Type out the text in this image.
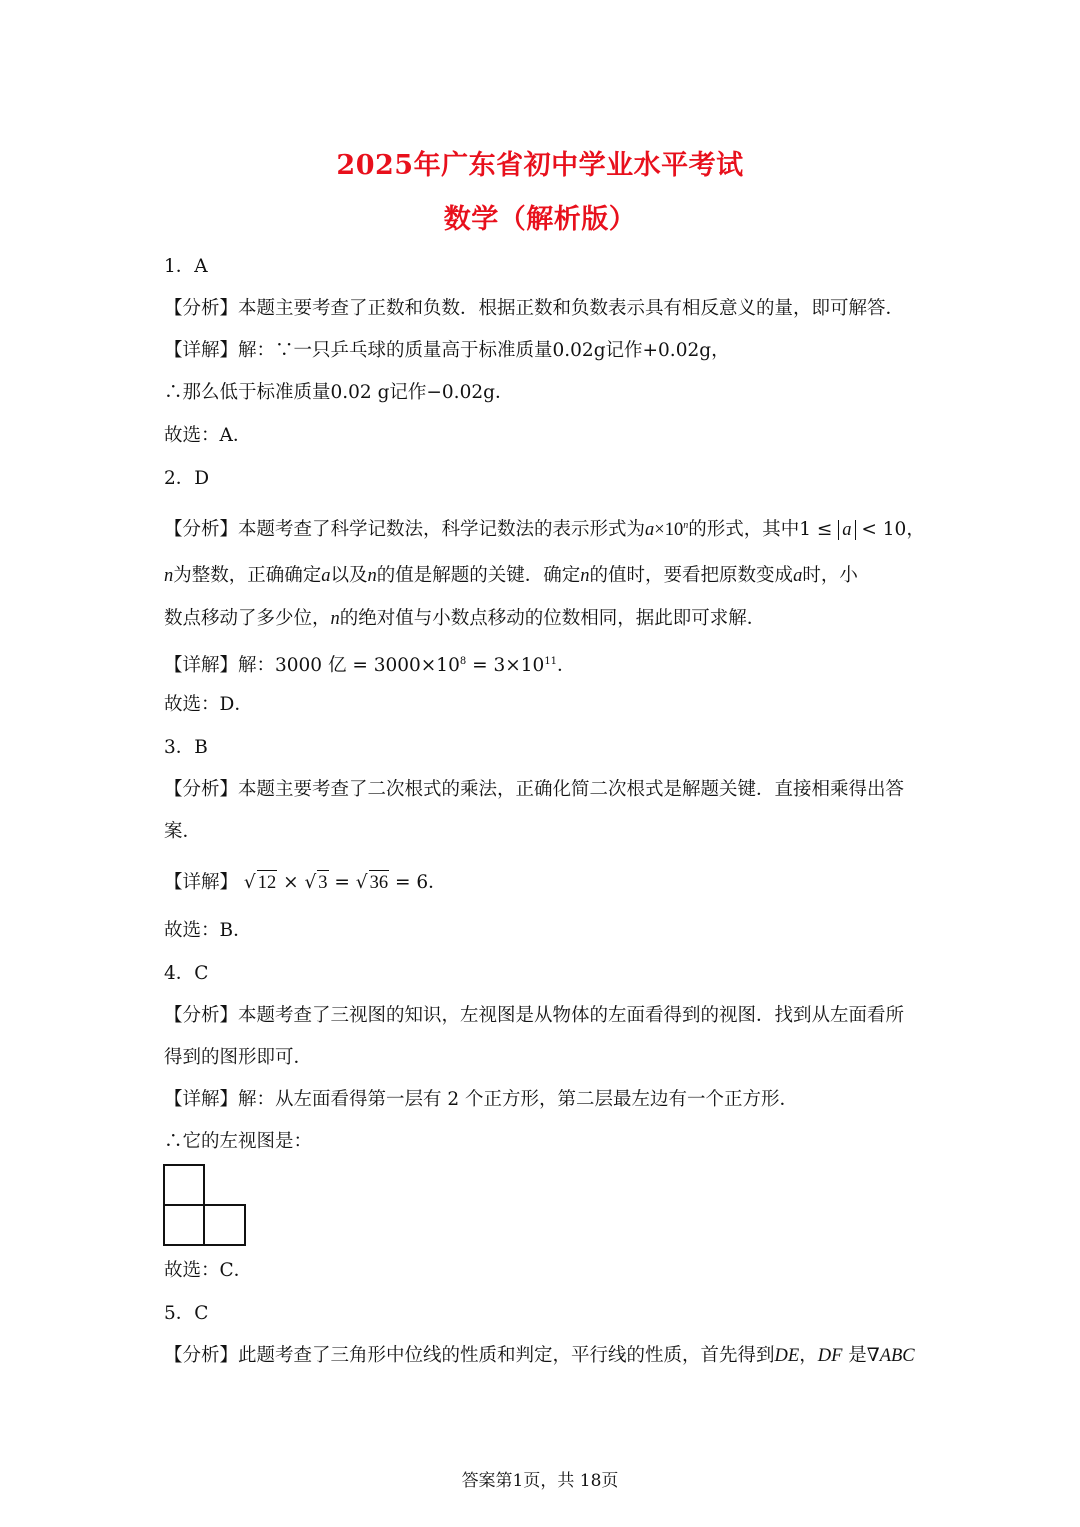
2025年广东省初中学业水平考试
数学（解析版）
1．A
【分析】本题主要考查了正数和负数．根据正数和负数表示具有相反意义的量，即可解答．
【详解】解：∵一只乒乓球的质量高于标准质量0.02g记作+0.02g，
∴那么低于标准质量0.02 g记作−0.02g．
故选：A．
2．D
【分析】本题考查了科学记数法，科学记数法的表示形式为$a\times 10^n$的形式，其中1 ≤ a < 10，
n为整数，正确确定a以及n的值是解题的关键．确定n的值时，要看把原数变成a时，小
数点移动了多少位，n的绝对值与小数点移动的位数相同，据此即可求解．
【详解】解：3000 亿 = $3000\times 10^8 = 3\times 10^{11}$．
故选：D．
3．B
【分析】本题主要考查了二次根式的乘法，正确化简二次根式是解题关键．直接相乘得出答
案．
【详解】 √ 12 × √ 3 = √ 36 = 6．
故选：B．
4．C
【分析】本题考查了三视图的知识，左视图是从物体的左面看得到的视图．找到从左面看所
得到的图形即可．
【详解】解：从左面看得第一层有 2 个正方形，第二层最左边有一个正方形．
∴它的左视图是：
故选：C．
5．C
【分析】此题考查了三角形中位线的性质和判定，平行线的性质，首先得到DE，DF 是∇ABC
答案第1页，共 18页
